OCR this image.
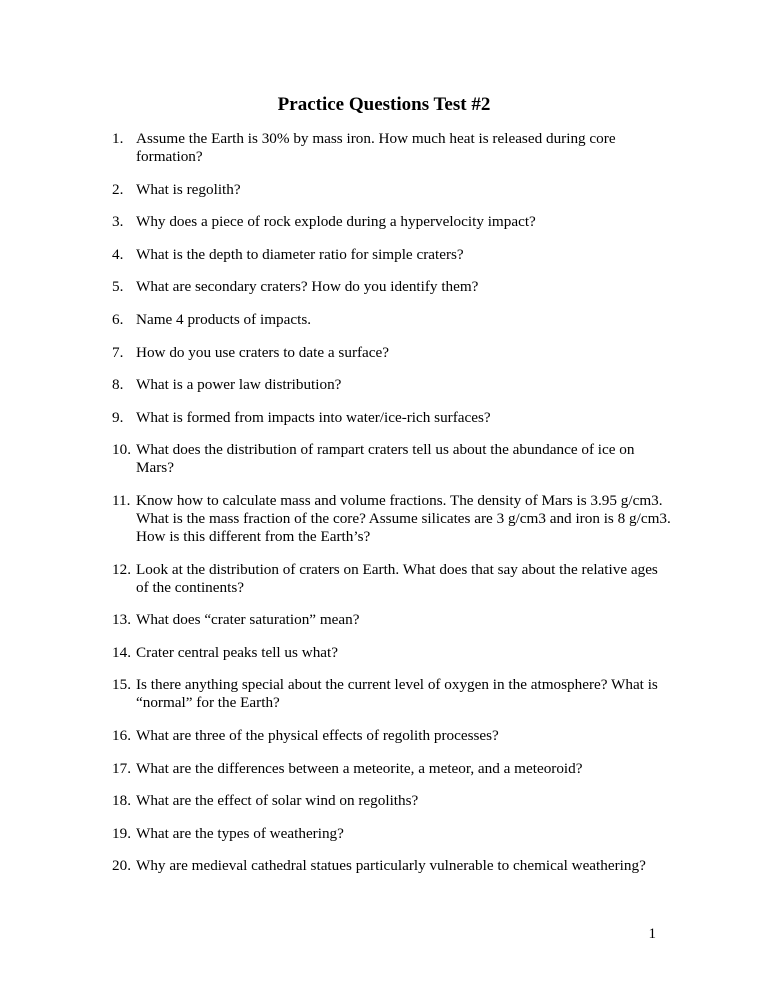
Practice Questions Test #2
1. Assume the Earth is 30% by mass iron. How much heat is released during core formation?
2. What is regolith?
3. Why does a piece of rock explode during a hypervelocity impact?
4. What is the depth to diameter ratio for simple craters?
5. What are secondary craters? How do you identify them?
6. Name 4 products of impacts.
7. How do you use craters to date a surface?
8. What is a power law distribution?
9. What is formed from impacts into water/ice-rich surfaces?
10. What does the distribution of rampart craters tell us about the abundance of ice on Mars?
11. Know how to calculate mass and volume fractions. The density of Mars is 3.95 g/cm3. What is the mass fraction of the core? Assume silicates are 3 g/cm3 and iron is 8 g/cm3. How is this different from the Earth’s?
12. Look at the distribution of craters on Earth. What does that say about the relative ages of the continents?
13. What does “crater saturation” mean?
14. Crater central peaks tell us what?
15. Is there anything special about the current level of oxygen in the atmosphere? What is “normal” for the Earth?
16. What are three of the physical effects of regolith processes?
17. What are the differences between a meteorite, a meteor, and a meteoroid?
18. What are the effect of solar wind on regoliths?
19. What are the types of weathering?
20. Why are medieval cathedral statues particularly vulnerable to chemical weathering?
1
